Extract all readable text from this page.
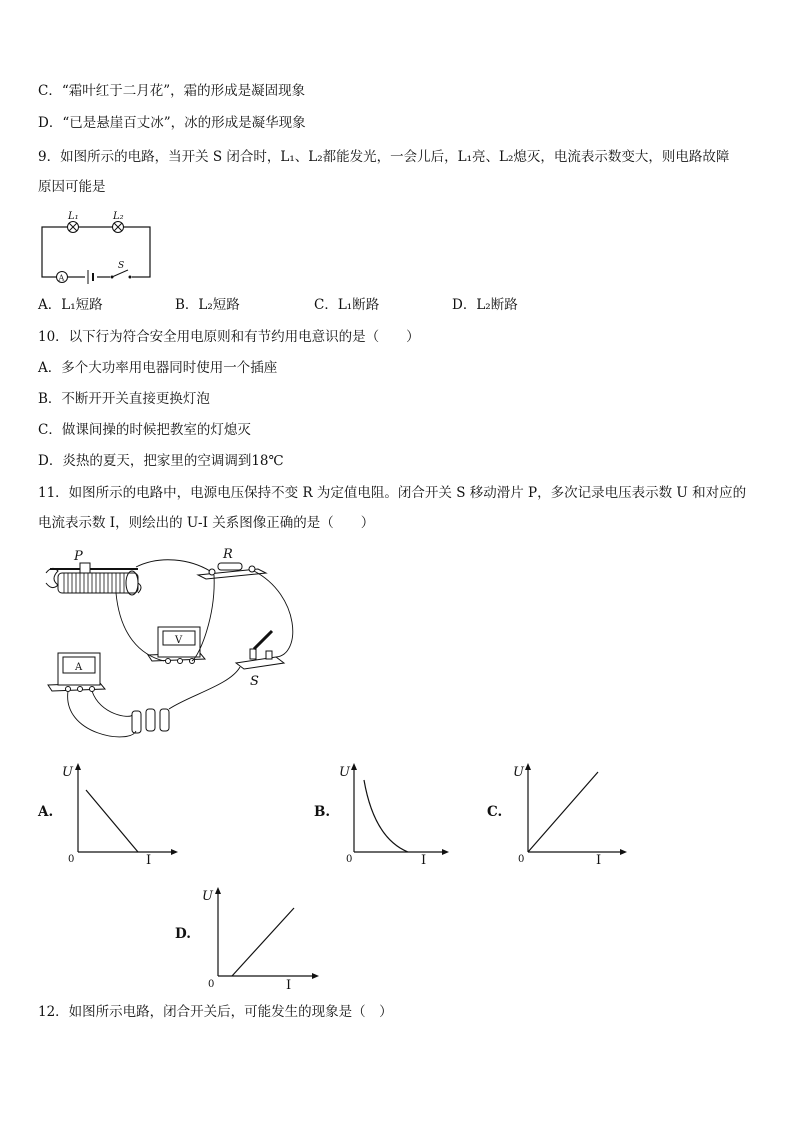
C．“霜叶红于二月花”，霜的形成是凝固现象
D．“已是悬崖百丈冰”，冰的形成是凝华现象
9．如图所示的电路，当开关 S 闭合时，L₁、L₂都能发光，一会儿后，L₁亮、L₂熄灭，电流表示数变大，则电路故障
原因可能是
L₁	L₂
A
S
A．L₁短路	B．L₂短路	C．L₁断路	D．L₂断路
10．以下行为符合安全用电原则和有节约用电意识的是（　　）
A．多个大功率用电器同时使用一个插座
B．不断开开关直接更换灯泡
C．做课间操的时候把教室的灯熄灭
D．炎热的夏天，把家里的空调调到18℃
11．如图所示的电路中，电源电压保持不变 R 为定值电阻。闭合开关 S 移动滑片 P，多次记录电压表示数 U 和对应的
电流表示数 I，则绘出的 U-I 关系图像正确的是（　　）
P	R
V
A
S
A.
U
I
0
B.
U
I
0
C.
U
I
0
D.
U
I
0
12．如图所示电路，闭合开关后，可能发生的现象是（　）
